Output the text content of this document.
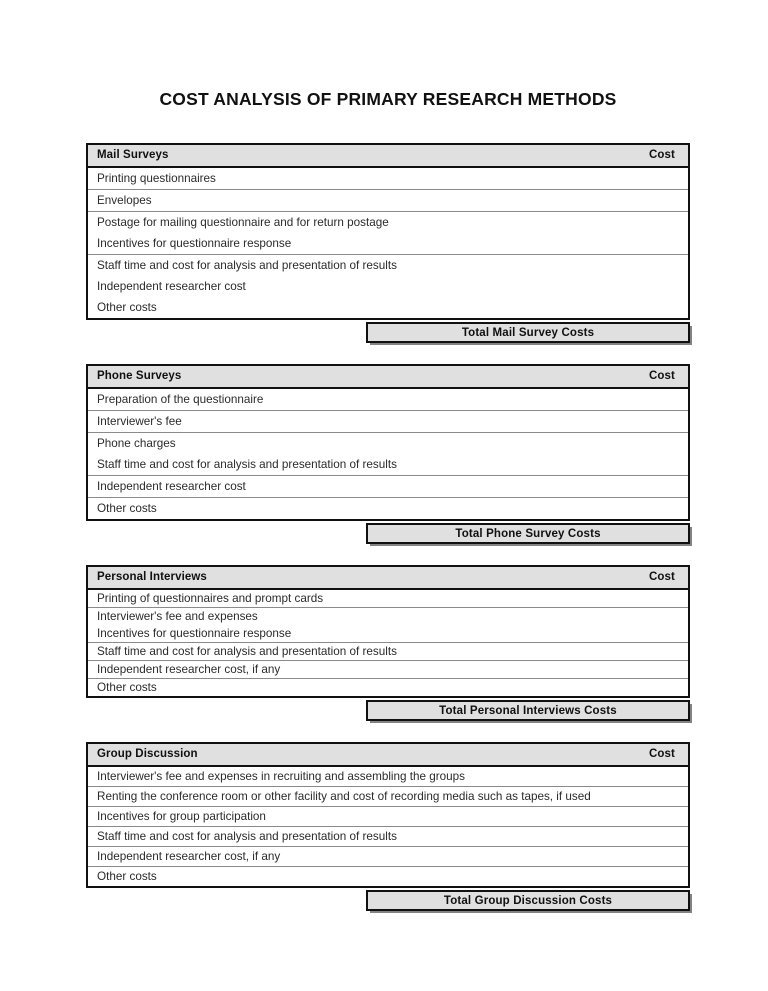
COST ANALYSIS OF PRIMARY RESEARCH METHODS
Mail Surveys	Cost
Printing questionnaires
Envelopes
Postage for mailing questionnaire and for return postage
Incentives for questionnaire response
Staff time and cost for analysis and presentation of results
Independent researcher cost
Other costs
Total Mail Survey Costs
Phone Surveys	Cost
Preparation of the questionnaire
Interviewer's fee
Phone charges
Staff time and cost for analysis and presentation of results
Independent researcher cost
Other costs
Total Phone Survey Costs
Personal Interviews	Cost
Printing of questionnaires and prompt cards
Interviewer's fee and expenses
Incentives for questionnaire response
Staff time and cost for analysis and presentation of results
Independent researcher cost, if any
Other costs
Total Personal Interviews Costs
Group Discussion	Cost
Interviewer's fee and expenses in recruiting and assembling the groups
Renting the conference room or other facility and cost of recording media such as tapes, if used
Incentives for group participation
Staff time and cost for analysis and presentation of results
Independent researcher cost, if any
Other costs
Total Group Discussion Costs
